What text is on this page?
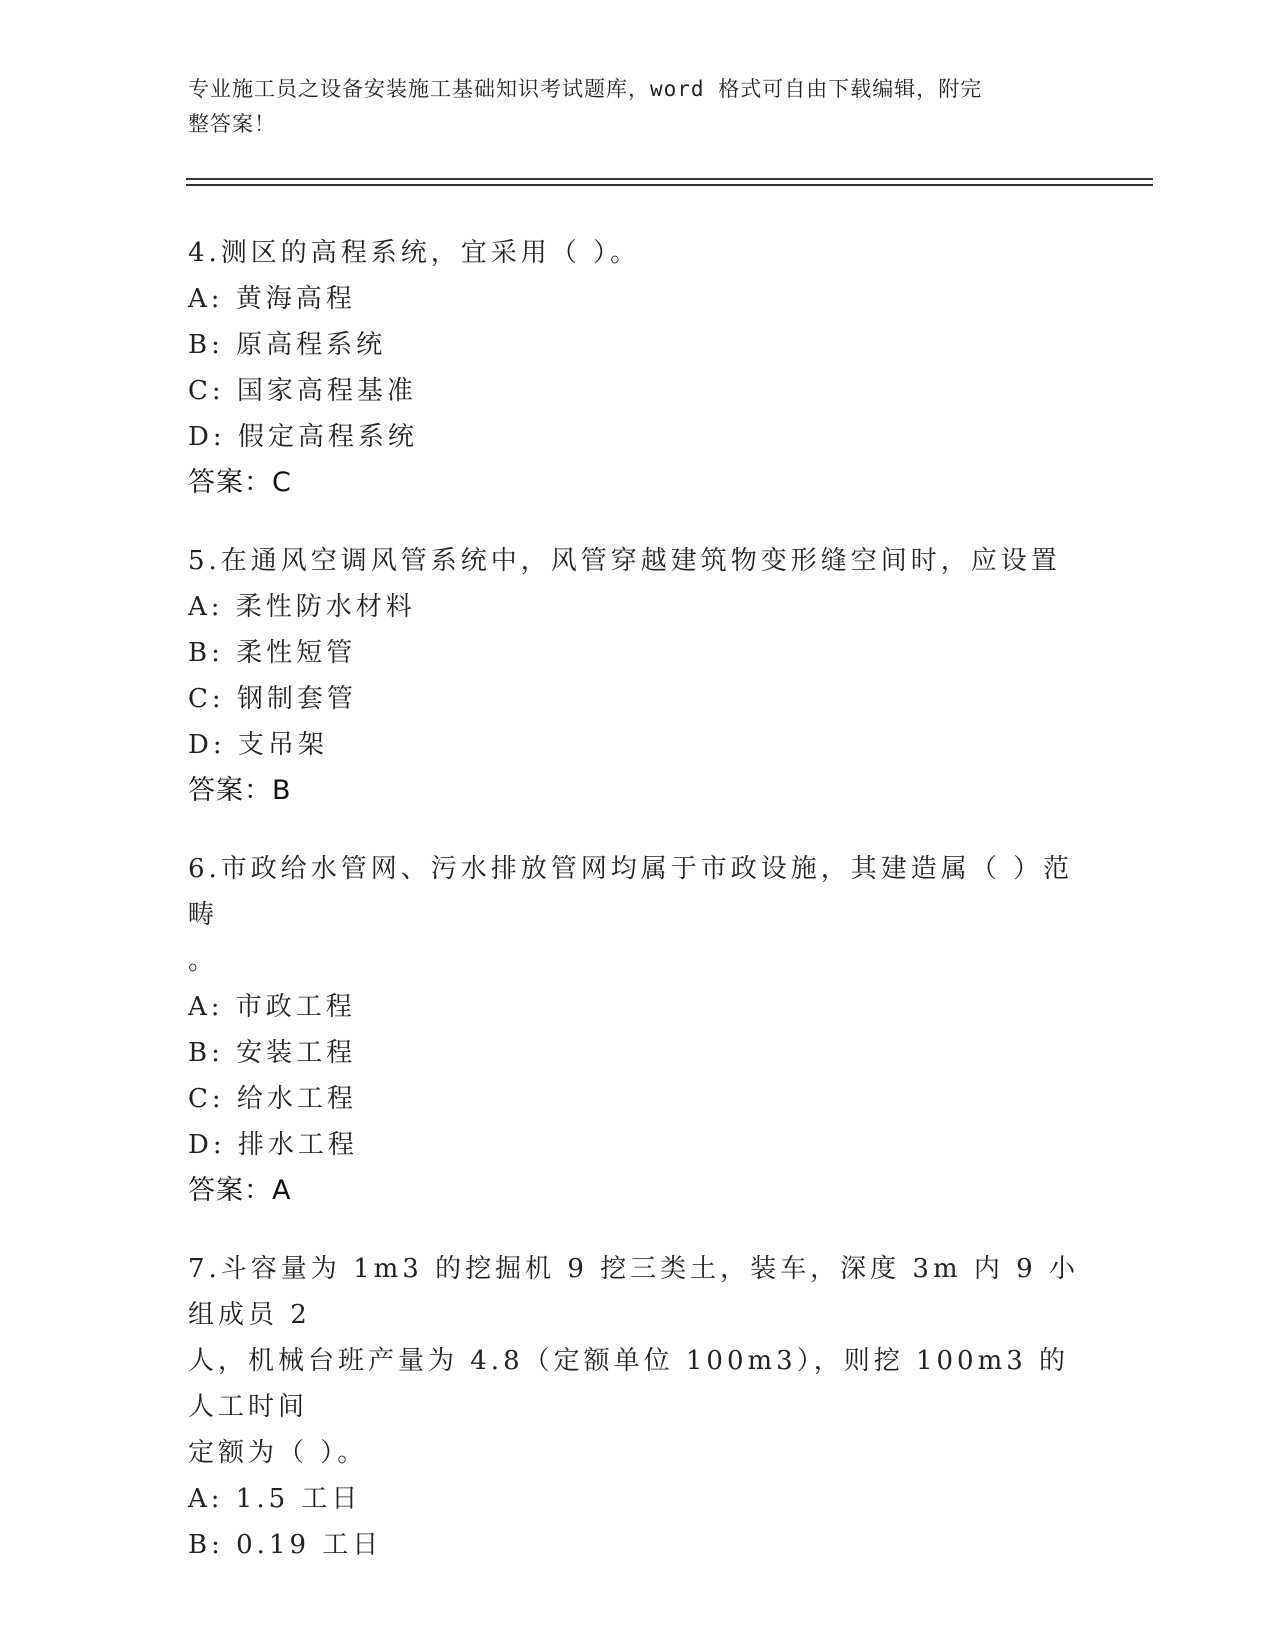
专业施工员之设备安装施工基础知识考试题库，word 格式可自由下载编辑，附完
整答案！
4.测区的高程系统，宜采用（ ）。
A: 黄海高程
B: 原高程系统
C: 国家高程基准
D: 假定高程系统
答案：C
5.在通风空调风管系统中，风管穿越建筑物变形缝空间时，应设置
A: 柔性防水材料
B: 柔性短管
C: 钢制套管
D: 支吊架
答案：B
6.市政给水管网、污水排放管网均属于市政设施，其建造属（ ）范畴
。
A: 市政工程
B: 安装工程
C: 给水工程
D: 排水工程
答案：A
7.斗容量为 1m3 的挖掘机 9 挖三类土，装车，深度 3m 内 9 小组成员 2
人，机械台班产量为 4.8（定额单位 100m3），则挖 100m3 的人工时间
定额为（ ）。
A: 1.5 工日
B: 0.19 工日
